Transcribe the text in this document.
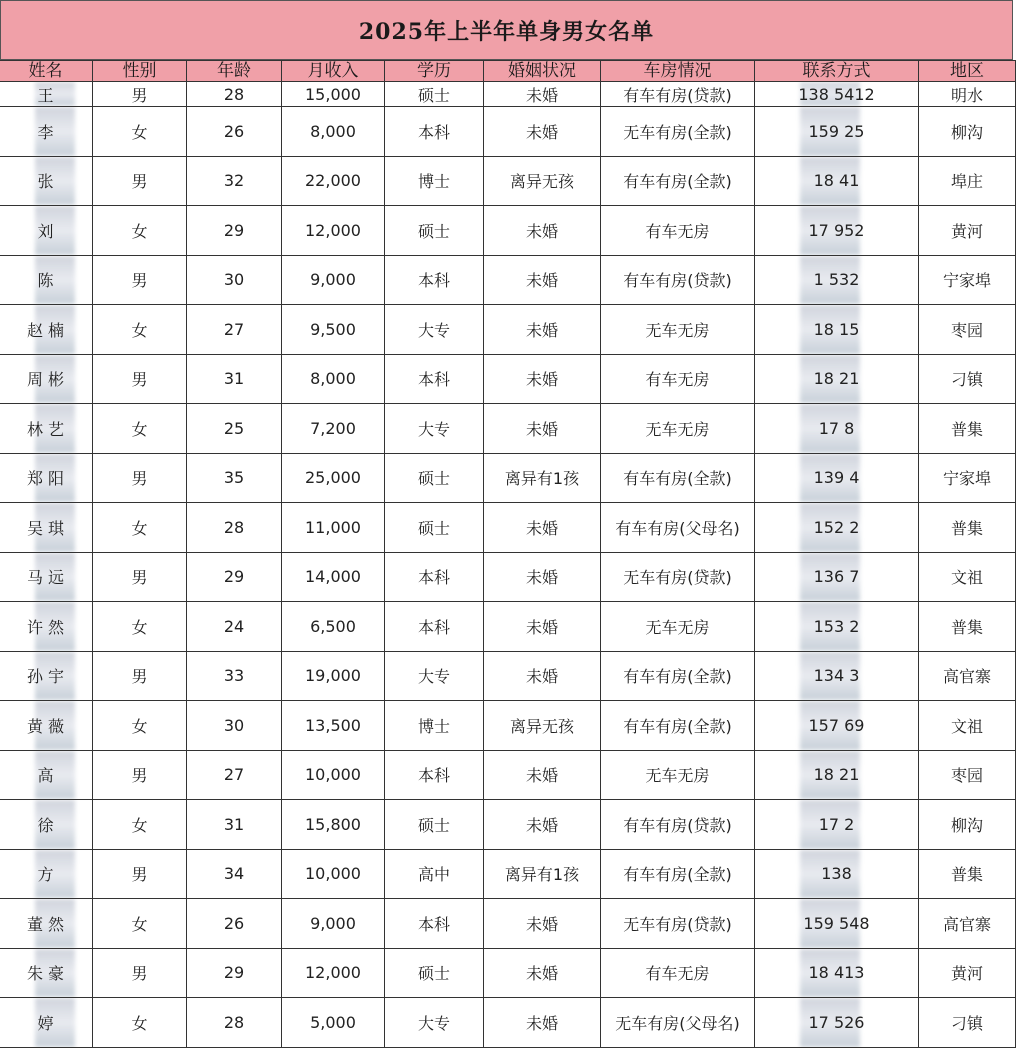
2025年上半年单身男女名单
姓名	性别	年龄	月收入	学历	婚姻状况	车房情况	联系方式	地区
王	男	28	15,000	硕士	未婚	有车有房(贷款)	138 5412	明水
李	女	26	8,000	本科	未婚	无车有房(全款)	159 25	柳沟
张	男	32	22,000	博士	离异无孩	有车有房(全款)	18 41	埠庄
刘	女	29	12,000	硕士	未婚	有车无房	17 952	黄河
陈	男	30	9,000	本科	未婚	有车有房(贷款)	1 532	宁家埠
赵 楠	女	27	9,500	大专	未婚	无车无房	18 15	枣园
周 彬	男	31	8,000	本科	未婚	有车无房	18 21	刁镇
林 艺	女	25	7,200	大专	未婚	无车无房	17 8	普集
郑 阳	男	35	25,000	硕士	离异有1孩	有车有房(全款)	139 4	宁家埠
吴 琪	女	28	11,000	硕士	未婚	有车有房(父母名)	152 2	普集
马 远	男	29	14,000	本科	未婚	无车有房(贷款)	136 7	文祖
许 然	女	24	6,500	本科	未婚	无车无房	153 2	普集
孙 宇	男	33	19,000	大专	未婚	有车有房(全款)	134 3	高官寨
黄 薇	女	30	13,500	博士	离异无孩	有车有房(全款)	157 69	文祖
高	男	27	10,000	本科	未婚	无车无房	18 21	枣园
徐	女	31	15,800	硕士	未婚	有车有房(贷款)	17 2	柳沟
方	男	34	10,000	高中	离异有1孩	有车有房(全款)	138	普集
董 然	女	26	9,000	本科	未婚	无车有房(贷款)	159 548	高官寨
朱 豪	男	29	12,000	硕士	未婚	有车无房	18 413	黄河
婷	女	28	5,000	大专	未婚	无车有房(父母名)	17 526	刁镇
